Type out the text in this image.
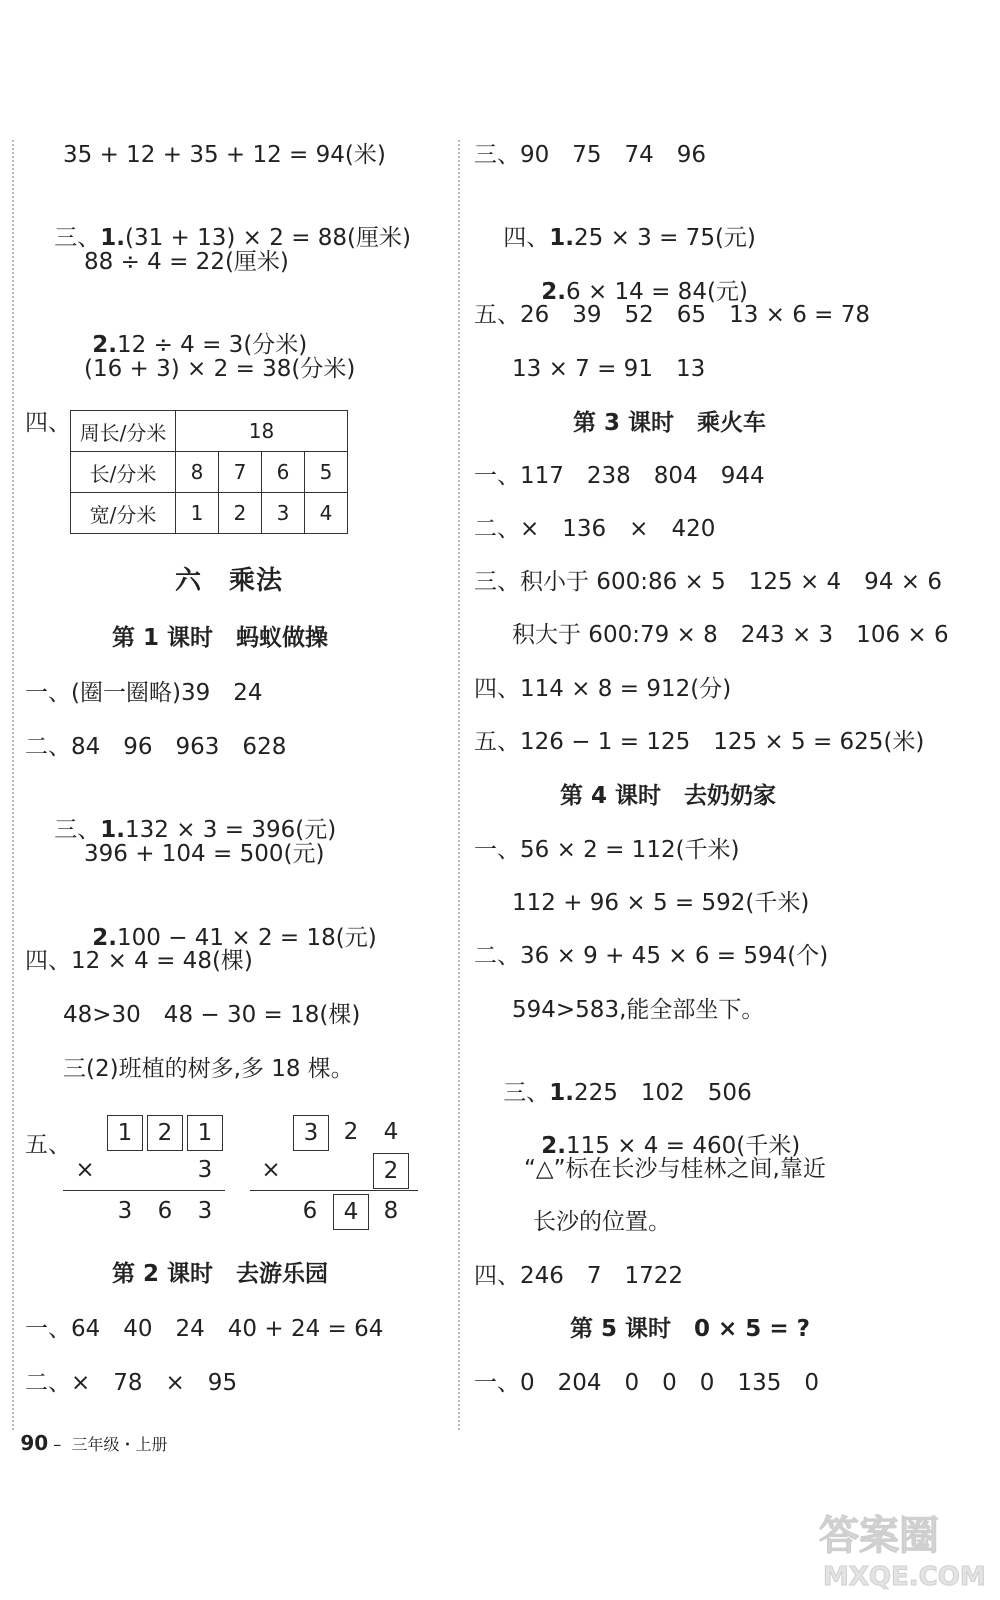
35 + 12 + 35 + 12 = 94(米)

三、1.(31 + 13) × 2 = 88(厘米)

88 ÷ 4 = 22(厘米)

2.12 ÷ 4 = 3(分米)

(16 + 3) × 2 = 38(分米)
四、 周长/分米	18			
长/分米	8	7	6	5
宽/分米	1	2	3	4
六　乘法
第 1 课时　蚂蚁做操
一、(圈一圈略)39　24
二、84　96　963　628

三、1.132 × 3 = 396(元)

396 + 104 = 500(元)

2.100 − 41 × 2 = 18(元)

四、12 × 4 = 48(棵)
48>30　48 − 30 = 18(棵)
三(2)班植的树多,多 18 棵。
五、	1	2	1
×	3
3	6	3
3	2	4
×	2
6	4	8
第 2 课时　去游乐园
一、64　40　24　40 + 24 = 64
二、×　78　×　95
三、90　75　74　96

四、1.25 × 3 = 75(元)

2.6 × 14 = 84(元)

五、26　39　52　65　13 × 6 = 78
13 × 7 = 91　13
第 3 课时　乘火车
一、117　238　804　944
二、×　136　×　420
三、积小于 600:86 × 5　125 × 4　94 × 6
积大于 600:79 × 8　243 × 3　106 × 6
四、114 × 8 = 912(分)
五、126 − 1 = 125　125 × 5 = 625(米)
第 4 课时　去奶奶家
一、56 × 2 = 112(千米)
112 + 96 × 5 = 592(千米)
二、36 × 9 + 45 × 6 = 594(个)
594>583,能全部坐下。

三、1.225　102　506

2.115 × 4 = 460(千米)

“△”标在长沙与桂林之间,靠近
长沙的位置。
四、246　7　1722
第 5 课时　0 × 5 = ?
一、0　204　0　0　0　135　0

90 –  三年级・上册

答案圈
MXQE.COM
